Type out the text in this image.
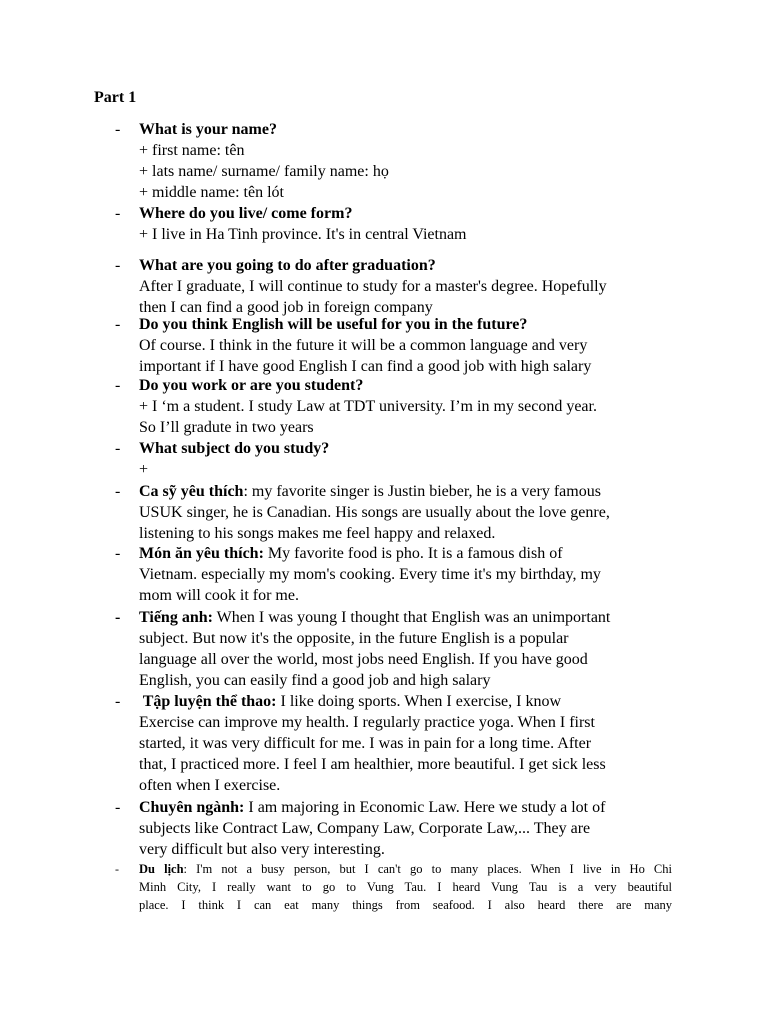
Part 1
- What is your name?
+ first name: tên
+ lats name/ surname/ family name: họ
+ middle name: tên lót
- Where do you live/ come form?
+ I live in Ha Tinh province. It's in central Vietnam
- What are you going to do after graduation?
After I graduate, I will continue to study for a master's degree. Hopefully
then I can find a good job in foreign company
- Do you think English will be useful for you in the future?
Of course. I think in the future it will be a common language and very
important if I have good English I can find a good job with high salary
- Do you work or are you student?
+ I ‘m a student. I study Law at TDT university. I’m in my second year.
So I’ll gradute in two years
- What subject do you study?
+
- Ca sỹ yêu thích: my favorite singer is Justin bieber, he is a very famous
USUK singer, he is Canadian. His songs are usually about the love genre,
listening to his songs makes me feel happy and relaxed.
- Món ăn yêu thích: My favorite food is pho. It is a famous dish of
Vietnam. especially my mom's cooking. Every time it's my birthday, my
mom will cook it for me.
- Tiếng anh: When I was young I thought that English was an unimportant
subject. But now it's the opposite, in the future English is a popular
language all over the world, most jobs need English. If you have good
English, you can easily find a good job and high salary
- Tập luyện thể thao: I like doing sports. When I exercise, I know
Exercise can improve my health. I regularly practice yoga. When I first
started, it was very difficult for me. I was in pain for a long time. After
that, I practiced more. I feel I am healthier, more beautiful. I get sick less
often when I exercise.
- Chuyên ngành: I am majoring in Economic Law. Here we study a lot of
subjects like Contract Law, Company Law, Corporate Law,... They are
very difficult but also very interesting.
- Du lịch: I'm not a busy person, but I can't go to many places. When I live in Ho Chi
Minh City, I really want to go to Vung Tau. I heard Vung Tau is a very beautiful
place. I think I can eat many things from seafood. I also heard there are many
